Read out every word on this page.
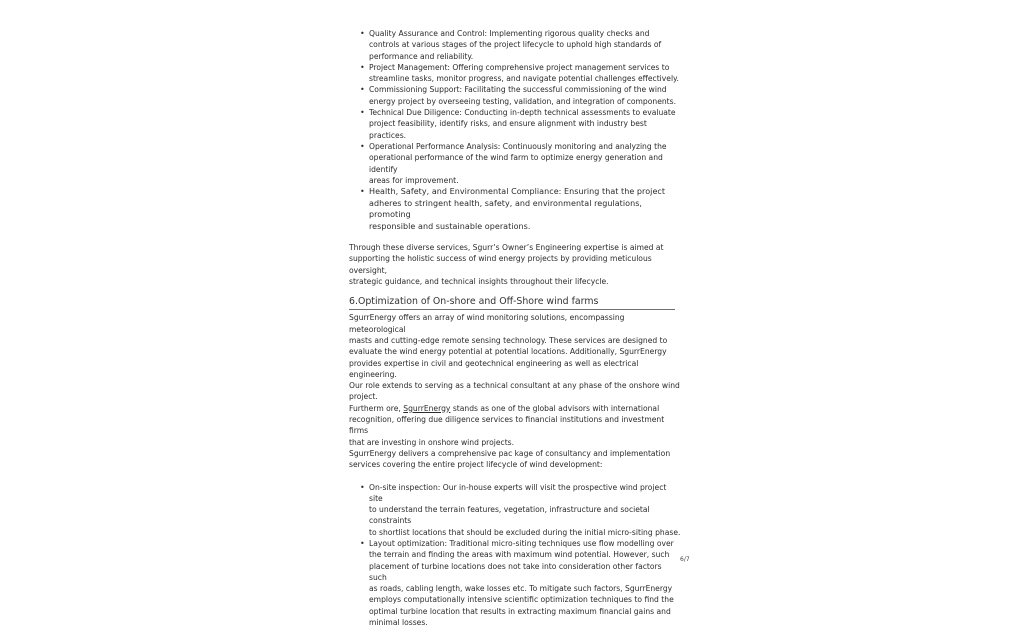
• Quality Assurance and Control: Implementing rigorous quality checks and
controls at various stages of the project lifecycle to uphold high standards of
performance and reliability.
• Project Management: Offering comprehensive project management services to
streamline tasks, monitor progress, and navigate potential challenges effectively.
• Commissioning Support: Facilitating the successful commissioning of the wind
energy project by overseeing testing, validation, and integration of components.
• Technical Due Diligence: Conducting in-depth technical assessments to evaluate
project feasibility, identify risks, and ensure alignment with industry best practices.
• Operational Performance Analysis: Continuously monitoring and analyzing the
operational performance of the wind farm to optimize energy generation and identify
areas for improvement.
• Health, Safety, and Environmental Compliance: Ensuring that the project
adheres to stringent health, safety, and environmental regulations, promoting
responsible and sustainable operations.
Through these diverse services, Sgurr’s Owner’s Engineering expertise is aimed at
supporting the holistic success of wind energy projects by providing meticulous oversight,
strategic guidance, and technical insights throughout their lifecycle.
6.Optimization of On-shore and Off-Shore wind farms
SgurrEnergy offers an array of wind monitoring solutions, encompassing meteorological
masts and cutting-edge remote sensing technology. These services are designed to
evaluate the wind energy potential at potential locations. Additionally, SgurrEnergy
provides expertise in civil and geotechnical engineering as well as electrical engineering.
Our role extends to serving as a technical consultant at any phase of the onshore wind
project.
Furtherm ore, SgurrEnergy stands as one of the global advisors with international
recognition, offering due diligence services to financial institutions and investment firms
that are investing in onshore wind projects.
SgurrEnergy delivers a comprehensive pac kage of consultancy and implementation
services covering the entire project lifecycle of wind development:
• On-site inspection: Our in-house experts will visit the prospective wind project site
to understand the terrain features, vegetation, infrastructure and societal constraints
to shortlist locations that should be excluded during the initial micro-siting phase.
• Layout optimization: Traditional micro-siting techniques use flow modelling over
the terrain and finding the areas with maximum wind potential. However, such
placement of turbine locations does not take into consideration other factors such
as roads, cabling length, wake losses etc. To mitigate such factors, SgurrEnergy
employs computationally intensive scientific optimization techniques to find the
optimal turbine location that results in extracting maximum financial gains and
minimal losses.
6/7
